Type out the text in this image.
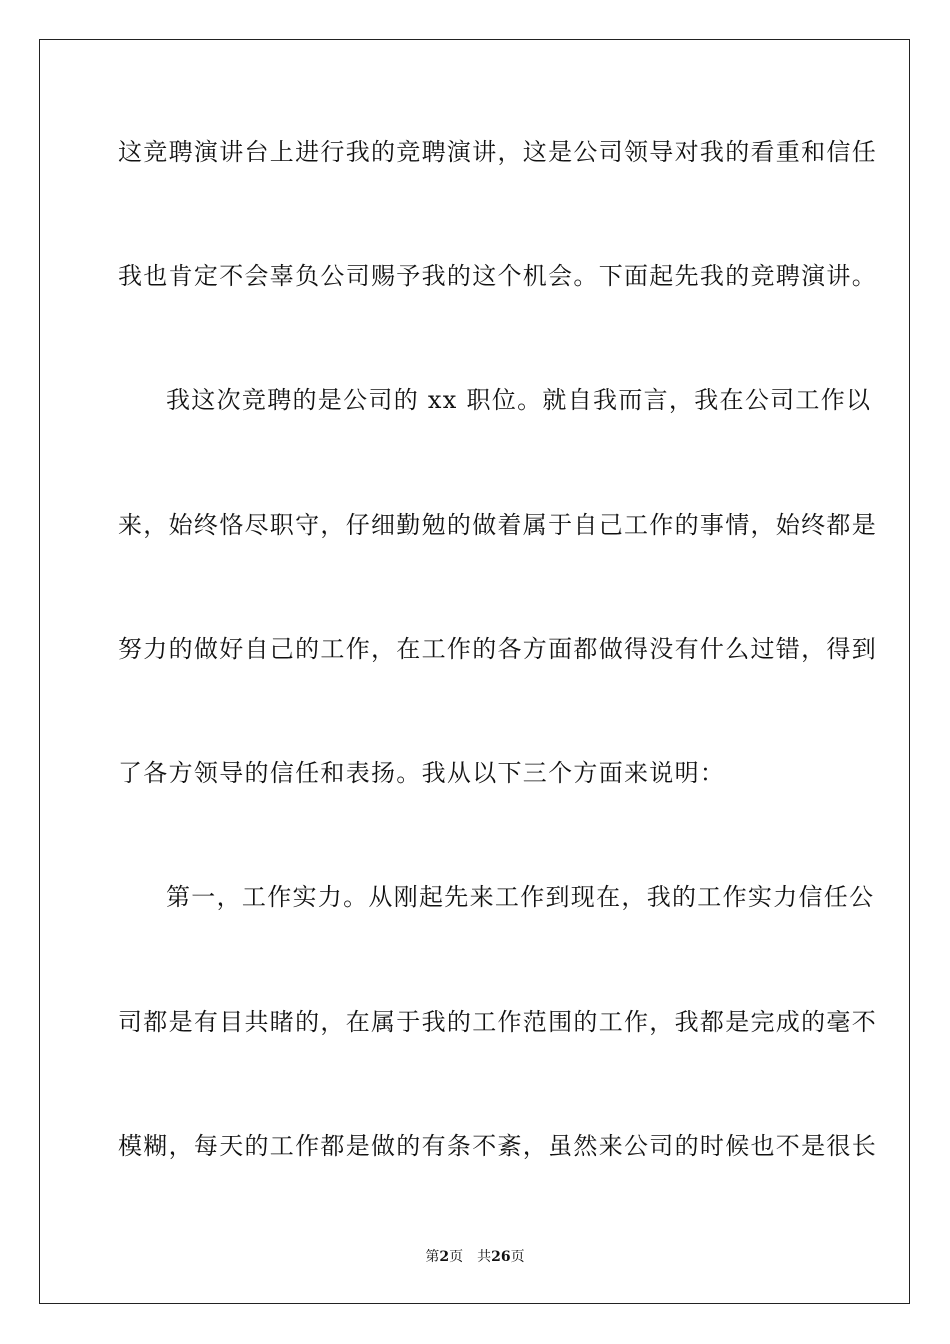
这竞聘演讲台上进行我的竞聘演讲，这是公司领导对我的看重和信任
我也肯定不会辜负公司赐予我的这个机会。下面起先我的竞聘演讲。
我这次竞聘的是公司的 xx 职位。就自我而言，我在公司工作以
来，始终恪尽职守，仔细勤勉的做着属于自己工作的事情，始终都是
努力的做好自己的工作，在工作的各方面都做得没有什么过错，得到
了各方领导的信任和表扬。我从以下三个方面来说明：
第一，工作实力。从刚起先来工作到现在，我的工作实力信任公
司都是有目共睹的，在属于我的工作范围的工作，我都是完成的毫不
模糊，每天的工作都是做的有条不紊，虽然来公司的时候也不是很长
第2页 共26页
